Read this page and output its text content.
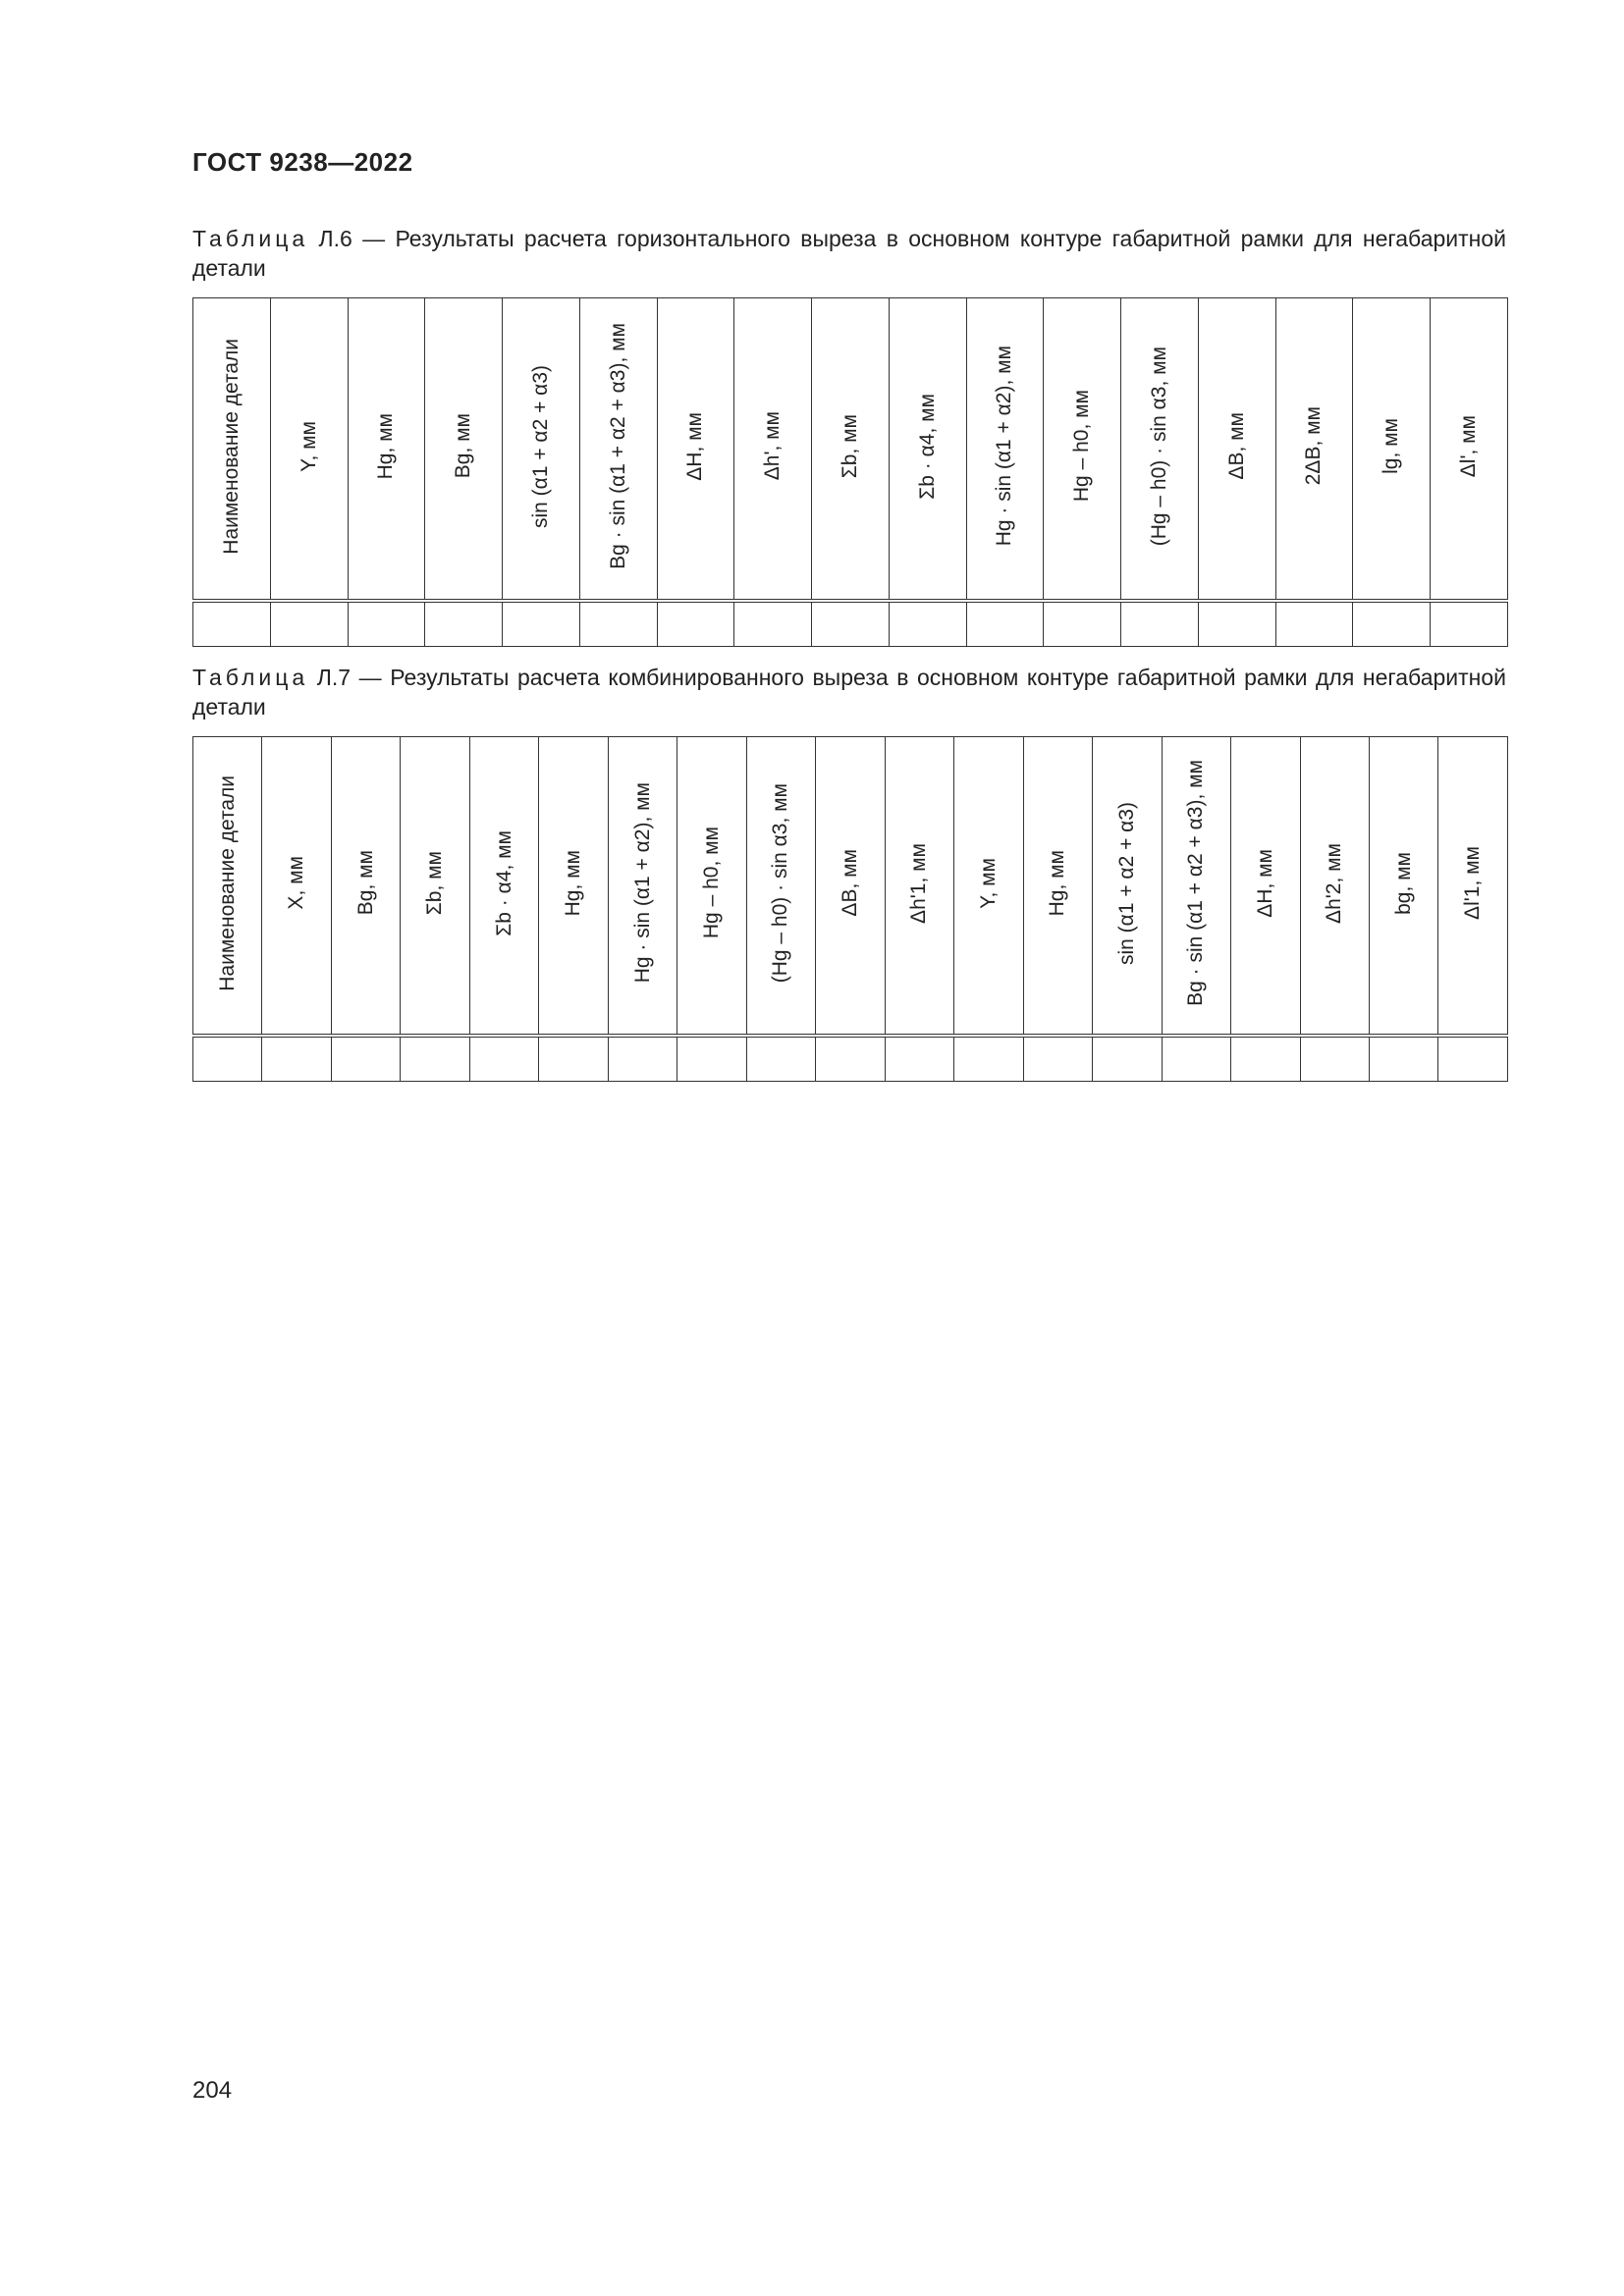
ГОСТ 9238—2022
Таблица Л.6 — Результаты расчета горизонтального выреза в основном контуре габаритной рамки для негабаритной детали
Наименование детали	Y, мм	Hg, мм	Bg, мм	sin (α1 + α2 + α3)	Bg · sin (α1 + α2 + α3), мм	ΔH, мм	Δh', мм	Σb, мм	Σb · α4, мм	Hg · sin (α1 + α2), мм	Hg – h0, мм	(Hg – h0) · sin α3, мм	ΔB, мм	2ΔB, мм	lg, мм	Δl', мм

Таблица Л.7 — Результаты расчета комбинированного выреза в основном контуре габаритной рамки для негабаритной детали
Наименование детали	X, мм	Bg, мм	Σb, мм	Σb · α4, мм	Hg, мм	Hg · sin (α1 + α2), мм	Hg – h0, мм	(Hg – h0) · sin α3, мм	ΔB, мм	Δh'1, мм	Y, мм	Hg, мм	sin (α1 + α2 + α3)	Bg · sin (α1 + α2 + α3), мм	ΔH, мм	Δh'2, мм	bg, мм	Δl'1, мм

204
